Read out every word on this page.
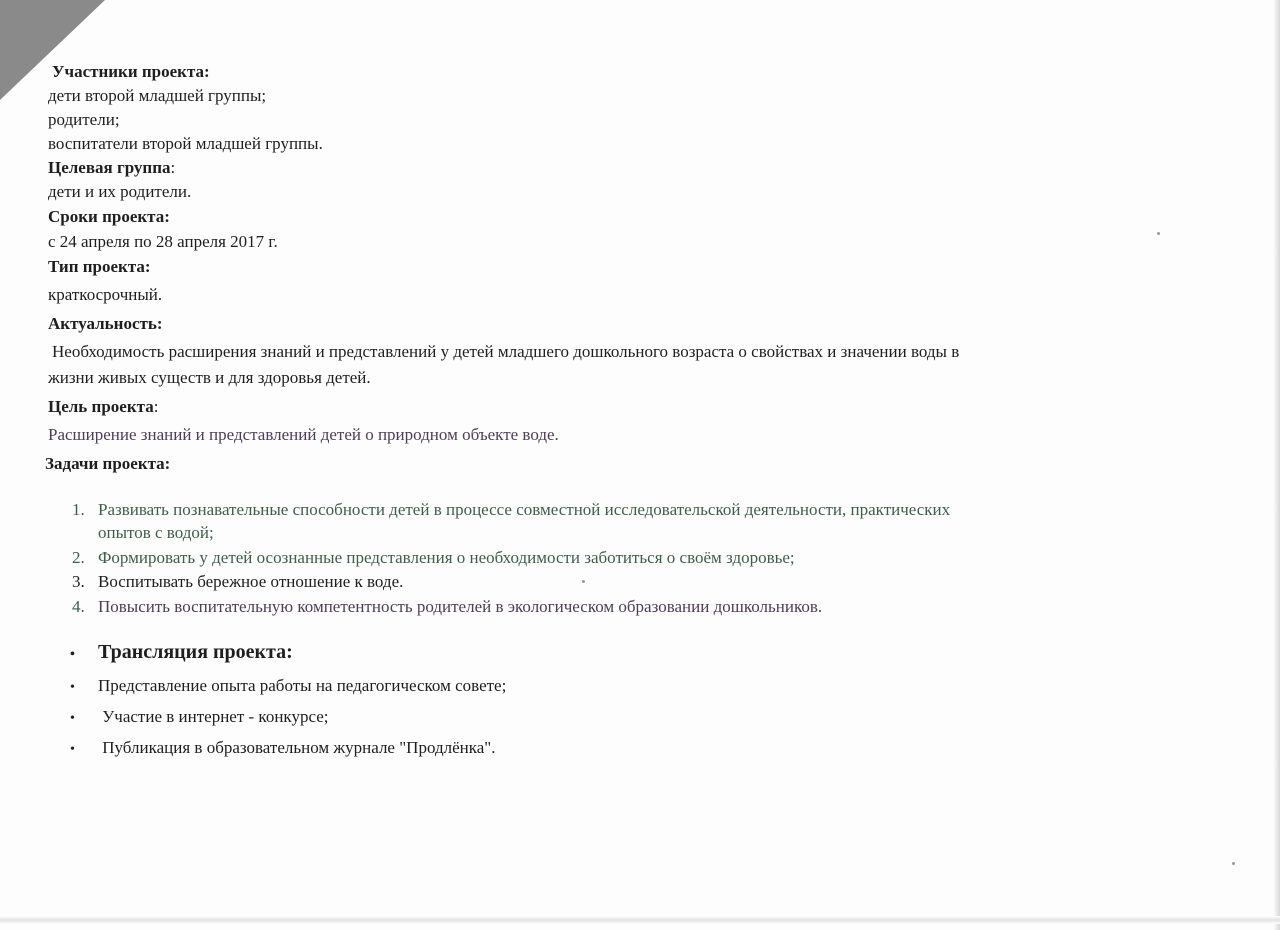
Участники проекта:
дети второй младшей группы;
родители;
воспитатели второй младшей группы.
Целевая группа:
дети и их родители.
Сроки проекта:
с 24 апреля по 28 апреля 2017 г.
Тип проекта:
краткосрочный.
Актуальность:
Необходимость расширения знаний и представлений у детей младшего дошкольного возраста о свойствах и значении воды в
жизни живых существ и для здоровья детей.
Цель проекта:
Расширение знаний и представлений детей о природном объекте воде.
Задачи проекта:
1. Развивать познавательные способности детей в процессе совместной исследовательской деятельности, практических
опытов с водой;
2. Формировать у детей осознанные представления о необходимости заботиться о своём здоровье;
3. Воспитывать бережное отношение к воде.
4. Повысить воспитательную компетентность родителей в экологическом образовании дошкольников.
• Трансляция проекта:
• Представление опыта работы на педагогическом совете;
• Участие в интернет - конкурсе;
• Публикация в образовательном журнале "Продлёнка".
